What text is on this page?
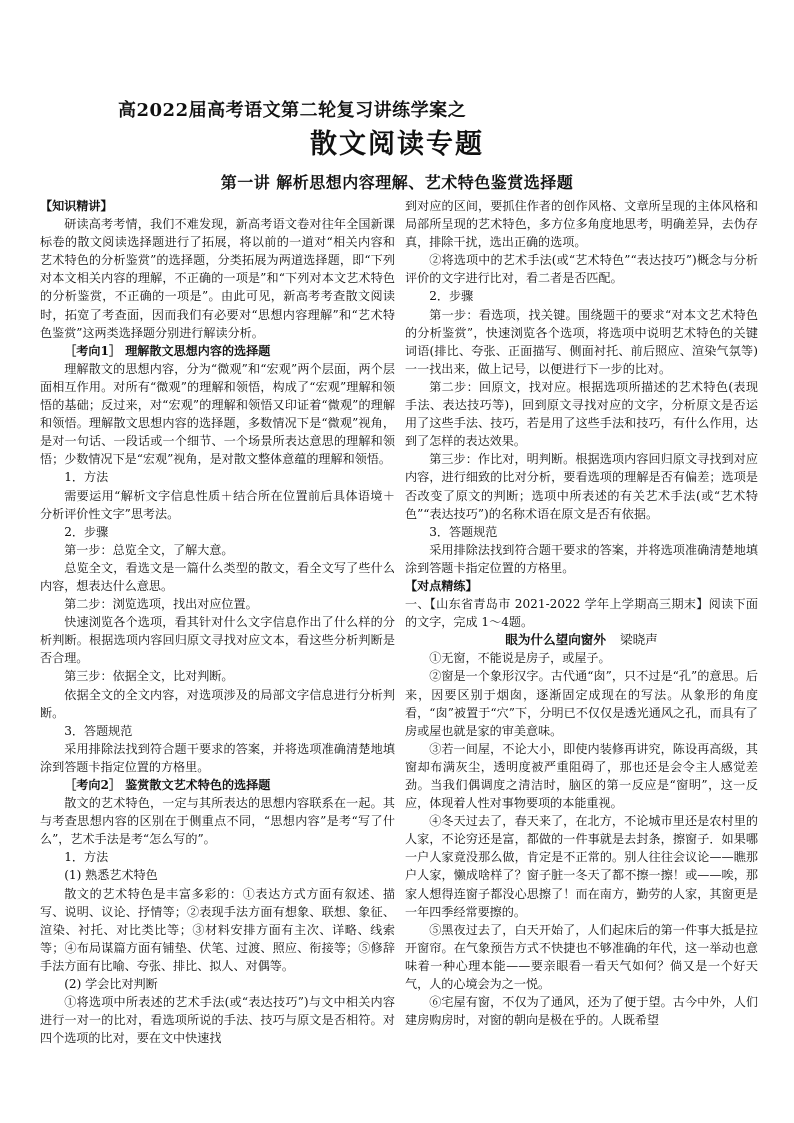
高2022届高考语文第二轮复习讲练学案之
散文阅读专题
第一讲 解析思想内容理解、艺术特色鉴赏选择题

【知识精讲】

研读高考考情，我们不难发现，新高考语文卷对往年全国新课标卷的散文阅读选择题进行了拓展，将以前的一道对“相关内容和艺术特色的分析鉴赏”的选择题，分类拓展为两道选择题，即“下列对本文相关内容的理解，不正确的一项是”和“下列对本文艺术特色的分析鉴赏，不正确的一项是”。由此可见，新高考考查散文阅读时，拓宽了考查面，因而我们有必要对“思想内容理解”和“艺术特色鉴赏”这两类选择题分别进行解读分析。

［考向1］ 理解散文思想内容的选择题

理解散文的思想内容，分为“微观”和“宏观”两个层面，两个层面相互作用。对所有“微观”的理解和领悟，构成了“宏观”理解和领悟的基础；反过来，对“宏观”的理解和领悟又印证着“微观”的理解和领悟。理解散文思想内容的选择题，多数情况下是“微观”视角，是对一句话、一段话或一个细节、一个场景所表达意思的理解和领悟；少数情况下是“宏观”视角，是对散文整体意蕴的理解和领悟。

1．方法

需要运用“解析文字信息性质＋结合所在位置前后具体语境＋分析评价性文字”思考法。

2．步骤

第一步：总览全文，了解大意。

总览全文，看选文是一篇什么类型的散文，看全文写了些什么内容，想表达什么意思。

第二步：浏览选项，找出对应位置。

快速浏览各个选项，看其针对什么文字信息作出了什么样的分析判断。根据选项内容回归原文寻找对应文本，看这些分析判断是否合理。

第三步：依据全文，比对判断。

依据全文的全文内容，对选项涉及的局部文字信息进行分析判断。

3．答题规范

采用排除法找到符合题干要求的答案，并将选项准确清楚地填涂到答题卡指定位置的方格里。

［考向2］ 鉴赏散文艺术特色的选择题

散文的艺术特色，一定与其所表达的思想内容联系在一起。其与考查思想内容的区别在于侧重点不同，“思想内容”是考“写了什么”，艺术手法是考“怎么写的”。

1．方法

(1) 熟悉艺术特色

散文的艺术特色是丰富多彩的：①表达方式方面有叙述、描写、说明、议论、抒情等；②表现手法方面有想象、联想、象征、渲染、衬托、对比类比等；③材料安排方面有主次、详略、线索等；④布局谋篇方面有铺垫、伏笔、过渡、照应、衔接等；⑤修辞手法方面有比喻、夸张、排比、拟人、对偶等。

(2) 学会比对判断

①将选项中所表述的艺术手法(或“表达技巧”)与文中相关内容进行一对一的比对，看选项所说的手法、技巧与原文是否相符。对四个选项的比对，要在文中快速找

到对应的区间，要抓住作者的创作风格、文章所呈现的主体风格和局部所呈现的艺术特色，多方位多角度地思考，明确差异，去伪存真，排除干扰，选出正确的选项。

②将选项中的艺术手法(或“艺术特色”“表达技巧”)概念与分析评价的文字进行比对，看二者是否匹配。

2．步骤

第一步：看选项，找关键。围绕题干的要求“对本文艺术特色的分析鉴赏”，快速浏览各个选项，将选项中说明艺术特色的关键词语(排比、夸张、正面描写、侧面衬托、前后照应、渲染气氛等)一一找出来，做上记号，以便进行下一步的比对。

第二步：回原文，找对应。根据选项所描述的艺术特色(表现手法、表达技巧等)，回到原文寻找对应的文字，分析原文是否运用了这些手法、技巧，若是用了这些手法和技巧，有什么作用，达到了怎样的表达效果。

第三步：作比对，明判断。根据选项内容回归原文寻找到对应内容，进行细致的比对分析，要看选项的理解是否有偏差；选项是否改变了原文的判断；选项中所表述的有关艺术手法(或“艺术特色”“表达技巧”)的名称术语在原文是否有依据。

3．答题规范

采用排除法找到符合题干要求的答案，并将选项准确清楚地填涂到答题卡指定位置的方格里。

【对点精练】

一、【山东省青岛市 2021-2022 学年上学期高三期末】阅读下面的文字，完成 1～4题。

眼为什么望向窗外 梁晓声

①无窗，不能说是房子，或屋子。

②窗是一个象形汉字。古代通“囱”，只不过是“孔”的意思。后来，因要区别于烟囱，逐渐固定成现在的写法。从象形的角度看，“囱”被置于“穴”下，分明已不仅仅是透光通风之孔，而具有了房或屋也就是家的审美意味。

③若一间屋，不论大小，即使内装修再讲究，陈设再高级，其窗却布满灰尘，透明度被严重阻碍了，那也还是会令主人感觉差劲。当我们偶调度之清洁时，脑区的第一反应是“窗明”，这一反应，体现着人性对事物要项的本能重视。

④冬天过去了，春天来了，在北方，不论城市里还是农村里的人家，不论穷还是富，都做的一件事就是去封条，擦窗子．如果哪一户人家竟没那么做，肯定是不正常的。别人往往会议论——瞧那户人家，懒成啥样了？窗子脏一冬天了都不擦一擦！或——唉，那家人想得连窗子都没心思擦了！而在南方，勤劳的人家，其窗更是一年四季经常要擦的。

⑤黑夜过去了，白天开始了，人们起床后的第一件事大抵是拉开窗帘。在气象预告方式不快捷也不够准确的年代，这一举动也意味着一种心理本能——要亲眼看一看天气如何？倘又是一个好天气，人的心境会为之一悦。

⑥宅屋有窗，不仅为了通风，还为了便于望。古今中外，人们建房购房时，对窗的朝向是极在乎的。人既希望
